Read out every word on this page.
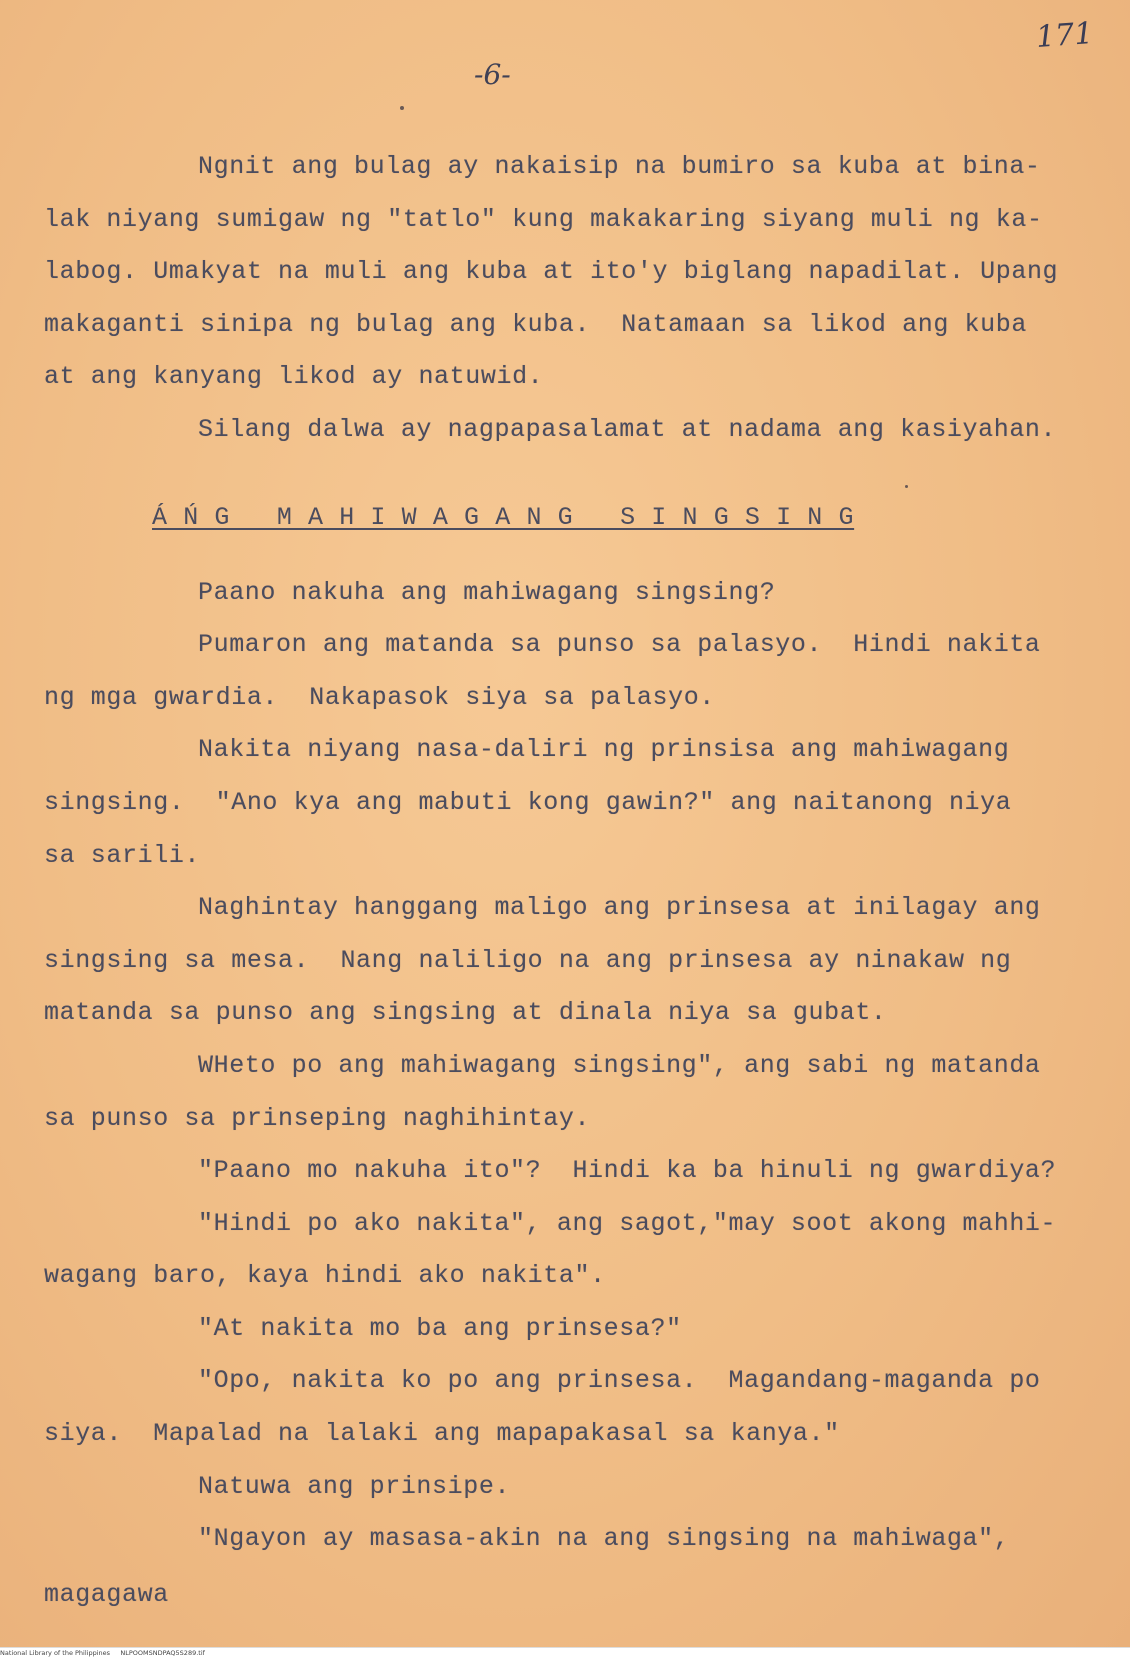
-6-
171
Ngnit ang bulag ay nakaisip na bumiro sa kuba at bina-
lak niyang sumigaw ng "tatlo" kung makakaring siyang muli ng ka-
labog. Umakyat na muli ang kuba at ito'y biglang napadilat. Upang
makaganti sinipa ng bulag ang kuba.  Natamaan sa likod ang kuba
at ang kanyang likod ay natuwid.
Silang dalwa ay nagpapasalamat at nadama ang kasiyahan.
Á Ń G   M A H I W A G A N G   S I N G S I N G
Paano nakuha ang mahiwagang singsing?
Pumaron ang matanda sa punso sa palasyo.  Hindi nakita
ng mga gwardia.  Nakapasok siya sa palasyo.
Nakita niyang nasa-daliri ng prinsisa ang mahiwagang
singsing.  "Ano kya ang mabuti kong gawin?" ang naitanong niya
sa sarili.
Naghintay hanggang maligo ang prinsesa at inilagay ang
singsing sa mesa.  Nang naliligo na ang prinsesa ay ninakaw ng
matanda sa punso ang singsing at dinala niya sa gubat.
WHeto po ang mahiwagang singsing", ang sabi ng matanda
sa punso sa prinseping naghihintay.
"Paano mo nakuha ito"?  Hindi ka ba hinuli ng gwardiya?
"Hindi po ako nakita", ang sagot,"may soot akong mahhi-
wagang baro, kaya hindi ako nakita".
"At nakita mo ba ang prinsesa?"
"Opo, nakita ko po ang prinsesa.  Magandang-maganda po
siya.  Mapalad na lalaki ang mapapakasal sa kanya."
Natuwa ang prinsipe.
"Ngayon ay masasa-akin na ang singsing na mahiwaga",
magagawa
National Library of the Philippines     NLPOOMSNDPAQ5S289.tif
